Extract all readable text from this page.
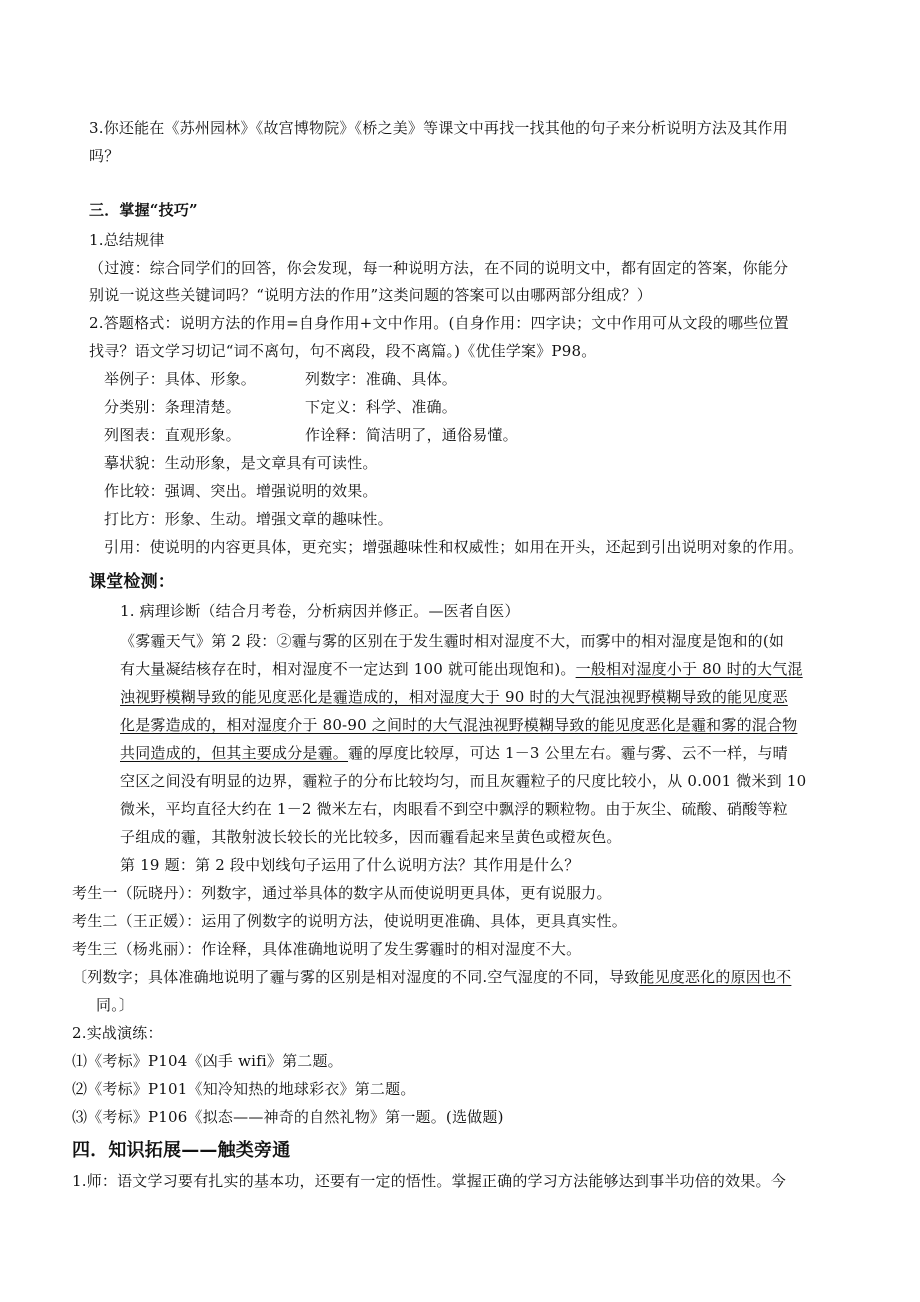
3.你还能在《苏州园林》《故宫博物院》《桥之美》等课文中再找一找其他的句子来分析说明方法及其作用
吗？
三．掌握“技巧”
1.总结规律
（过渡：综合同学们的回答，你会发现，每一种说明方法，在不同的说明文中，都有固定的答案，你能分
别说一说这些关键词吗？“说明方法的作用”这类问题的答案可以由哪两部分组成？）
2.答题格式：说明方法的作用=自身作用+文中作用。(自身作用：四字诀；文中作用可从文段的哪些位置
找寻？语文学习切记“词不离句，句不离段，段不离篇。)《优佳学案》P98。
举例子：具体、形象。	列数字：准确、具体。
分类别：条理清楚。	下定义：科学、准确。
列图表：直观形象。	作诠释：简洁明了，通俗易懂。
摹状貌：生动形象，是文章具有可读性。
作比较：强调、突出。增强说明的效果。
打比方：形象、生动。增强文章的趣味性。
引用：使说明的内容更具体，更充实；增强趣味性和权威性；如用在开头，还起到引出说明对象的作用。
课堂检测：
1. 病理诊断（结合月考卷，分析病因并修正。—医者自医）
《雾霾天气》第 2 段：②霾与雾的区别在于发生霾时相对湿度不大，而雾中的相对湿度是饱和的(如
有大量凝结核存在时，相对湿度不一定达到 100 就可能出现饱和)。一般相对湿度小于 80 时的大气混
浊视野模糊导致的能见度恶化是霾造成的，相对湿度大于 90 时的大气混浊视野模糊导致的能见度恶
化是雾造成的，相对湿度介于 80-90 之间时的大气混浊视野模糊导致的能见度恶化是霾和雾的混合物
共同造成的，但其主要成分是霾。霾的厚度比较厚，可达 1－3 公里左右。霾与雾、云不一样，与晴
空区之间没有明显的边界，霾粒子的分布比较均匀，而且灰霾粒子的尺度比较小，从 0.001 微米到 10
微米，平均直径大约在 1－2 微米左右，肉眼看不到空中飘浮的颗粒物。由于灰尘、硫酸、硝酸等粒
子组成的霾，其散射波长较长的光比较多，因而霾看起来呈黄色或橙灰色。
第 19 题：第 2 段中划线句子运用了什么说明方法？其作用是什么？
考生一（阮晓丹）：列数字，通过举具体的数字从而使说明更具体，更有说服力。
考生二（王正媛）：运用了例数字的说明方法，使说明更准确、具体，更具真实性。
考生三（杨兆丽）：作诠释，具体准确地说明了发生雾霾时的相对湿度不大。
〔列数字；具体准确地说明了霾与雾的区别是相对湿度的不同.空气湿度的不同，导致能见度恶化的原因也不
同。〕
2.实战演练：
⑴《考标》P104《凶手 wifi》第二题。
⑵《考标》P101《知冷知热的地球彩衣》第二题。
⑶《考标》P106《拟态——神奇的自然礼物》第一题。(选做题)
四．知识拓展——触类旁通
1.师：语文学习要有扎实的基本功，还要有一定的悟性。掌握正确的学习方法能够达到事半功倍的效果。今
